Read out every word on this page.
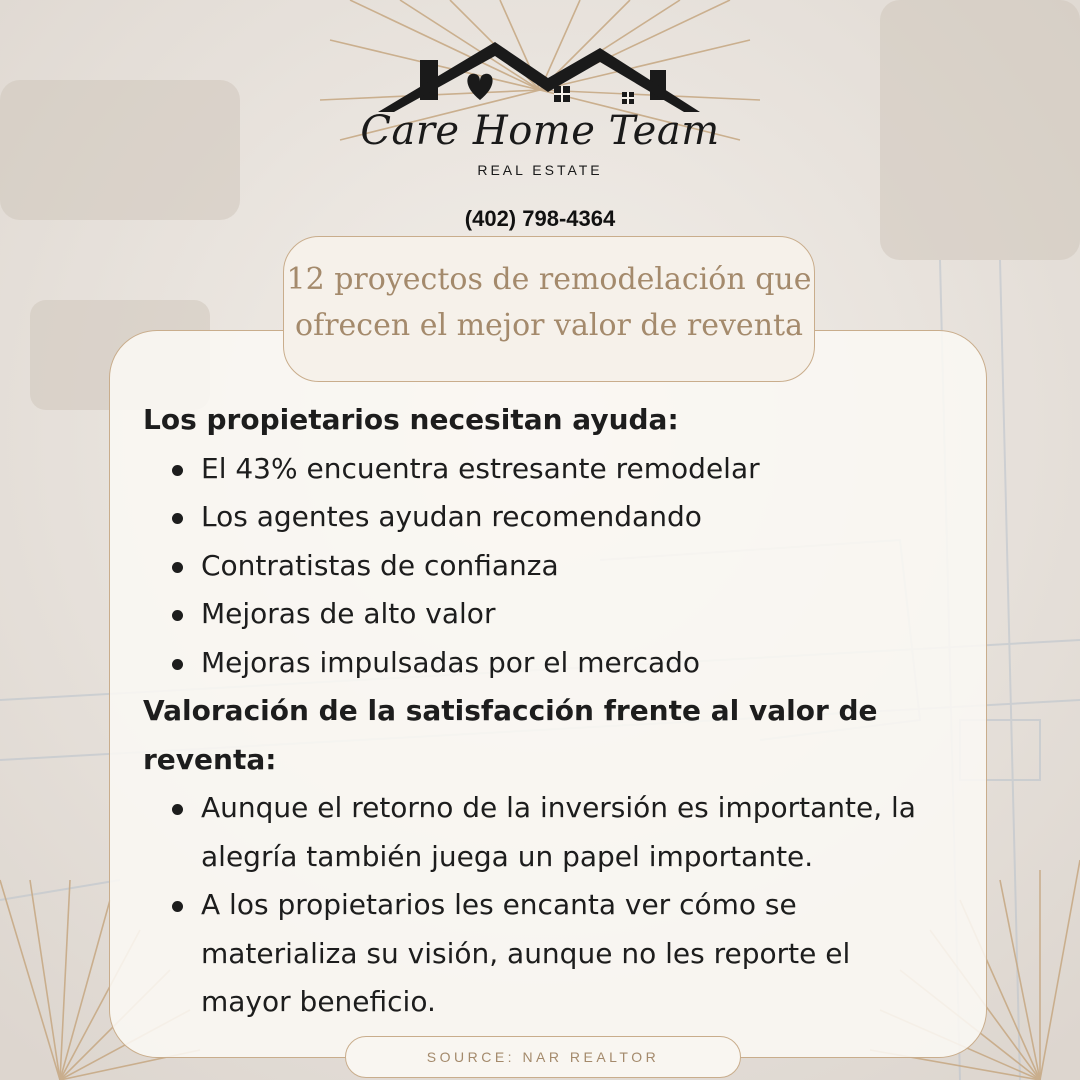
Care Home Team
REAL ESTATE
(402) 798-4364
12 proyectos de remodelación que
ofrecen el mejor valor de reventa
Los propietarios necesitan ayuda:
El 43% encuentra estresante remodelar
Los agentes ayudan recomendando
Contratistas de confianza
Mejoras de alto valor
Mejoras impulsadas por el mercado
Valoración de la satisfacción frente al valor de reventa:
Aunque el retorno de la inversión es importante, la alegría también juega un papel importante.
A los propietarios les encanta ver cómo se materializa su visión, aunque no les reporte el mayor beneficio.
SOURCE: NAR REALTOR
